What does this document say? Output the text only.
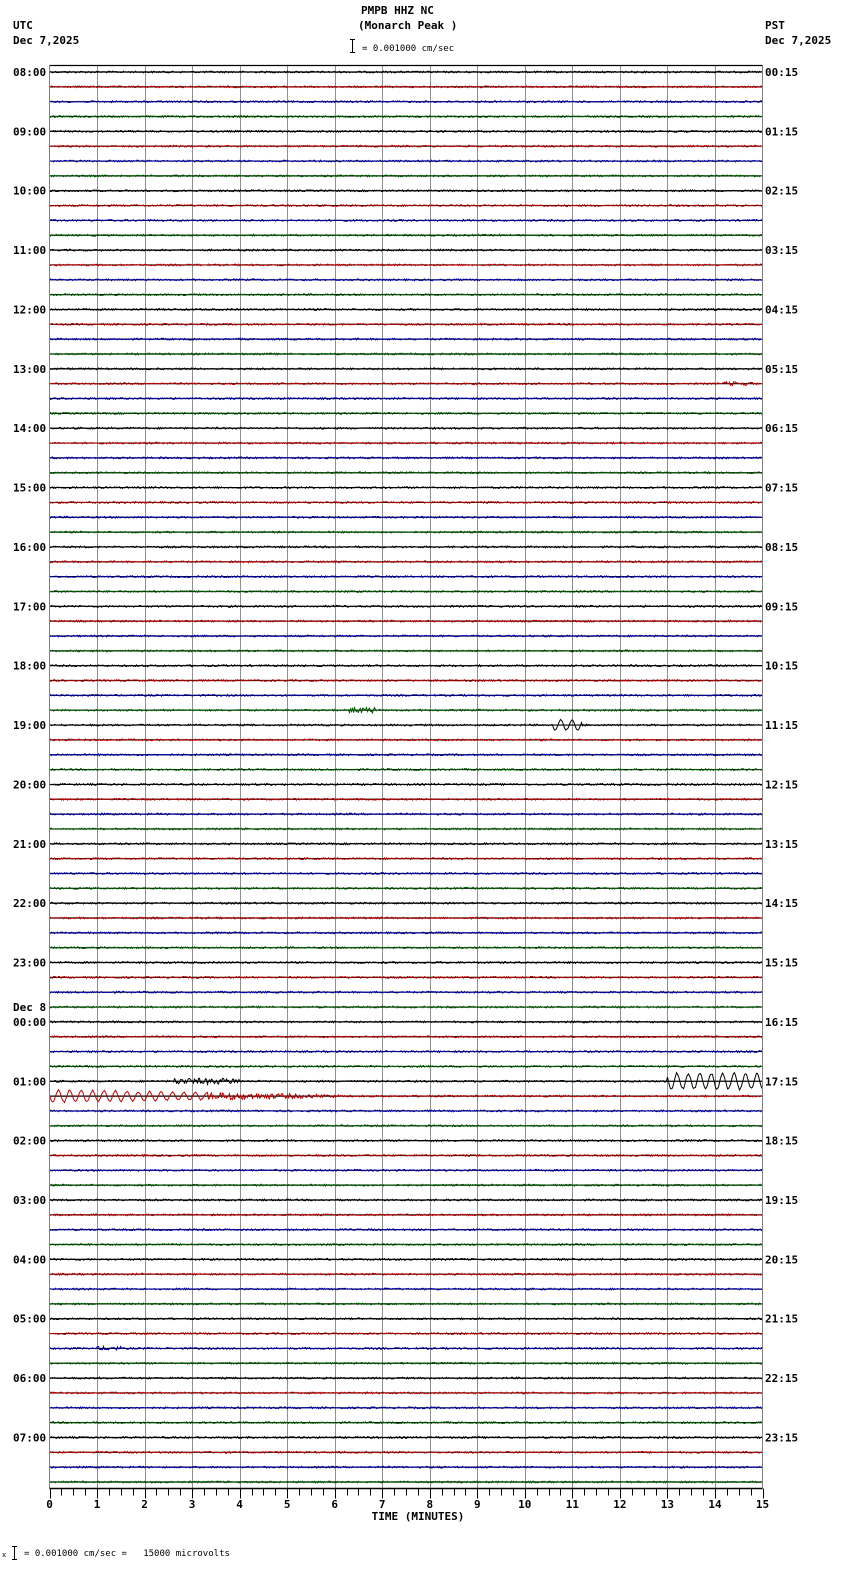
PMPB HHZ NC
(Monarch Peak )
UTC
Dec 7,2025
PST
Dec 7,2025
= 0.001000 cm/sec
= 0.001000 cm/sec =   15000 microvolts
x
0	1	2	3	4	5	6	7	8	9	10	11	12	13	14	15
08:00
09:00
10:00
11:00
12:00
13:00
14:00
15:00
16:00
17:00
18:00
19:00
20:00
21:00
22:00
23:00
Dec 8
00:00
01:00
02:00
03:00
04:00
05:00
06:00
07:00
00:15
01:15
02:15
03:15
04:15
05:15
06:15
07:15
08:15
09:15
10:15
11:15
12:15
13:15
14:15
15:15
16:15
17:15
18:15
19:15
20:15
21:15
22:15
23:15
TIME (MINUTES)
